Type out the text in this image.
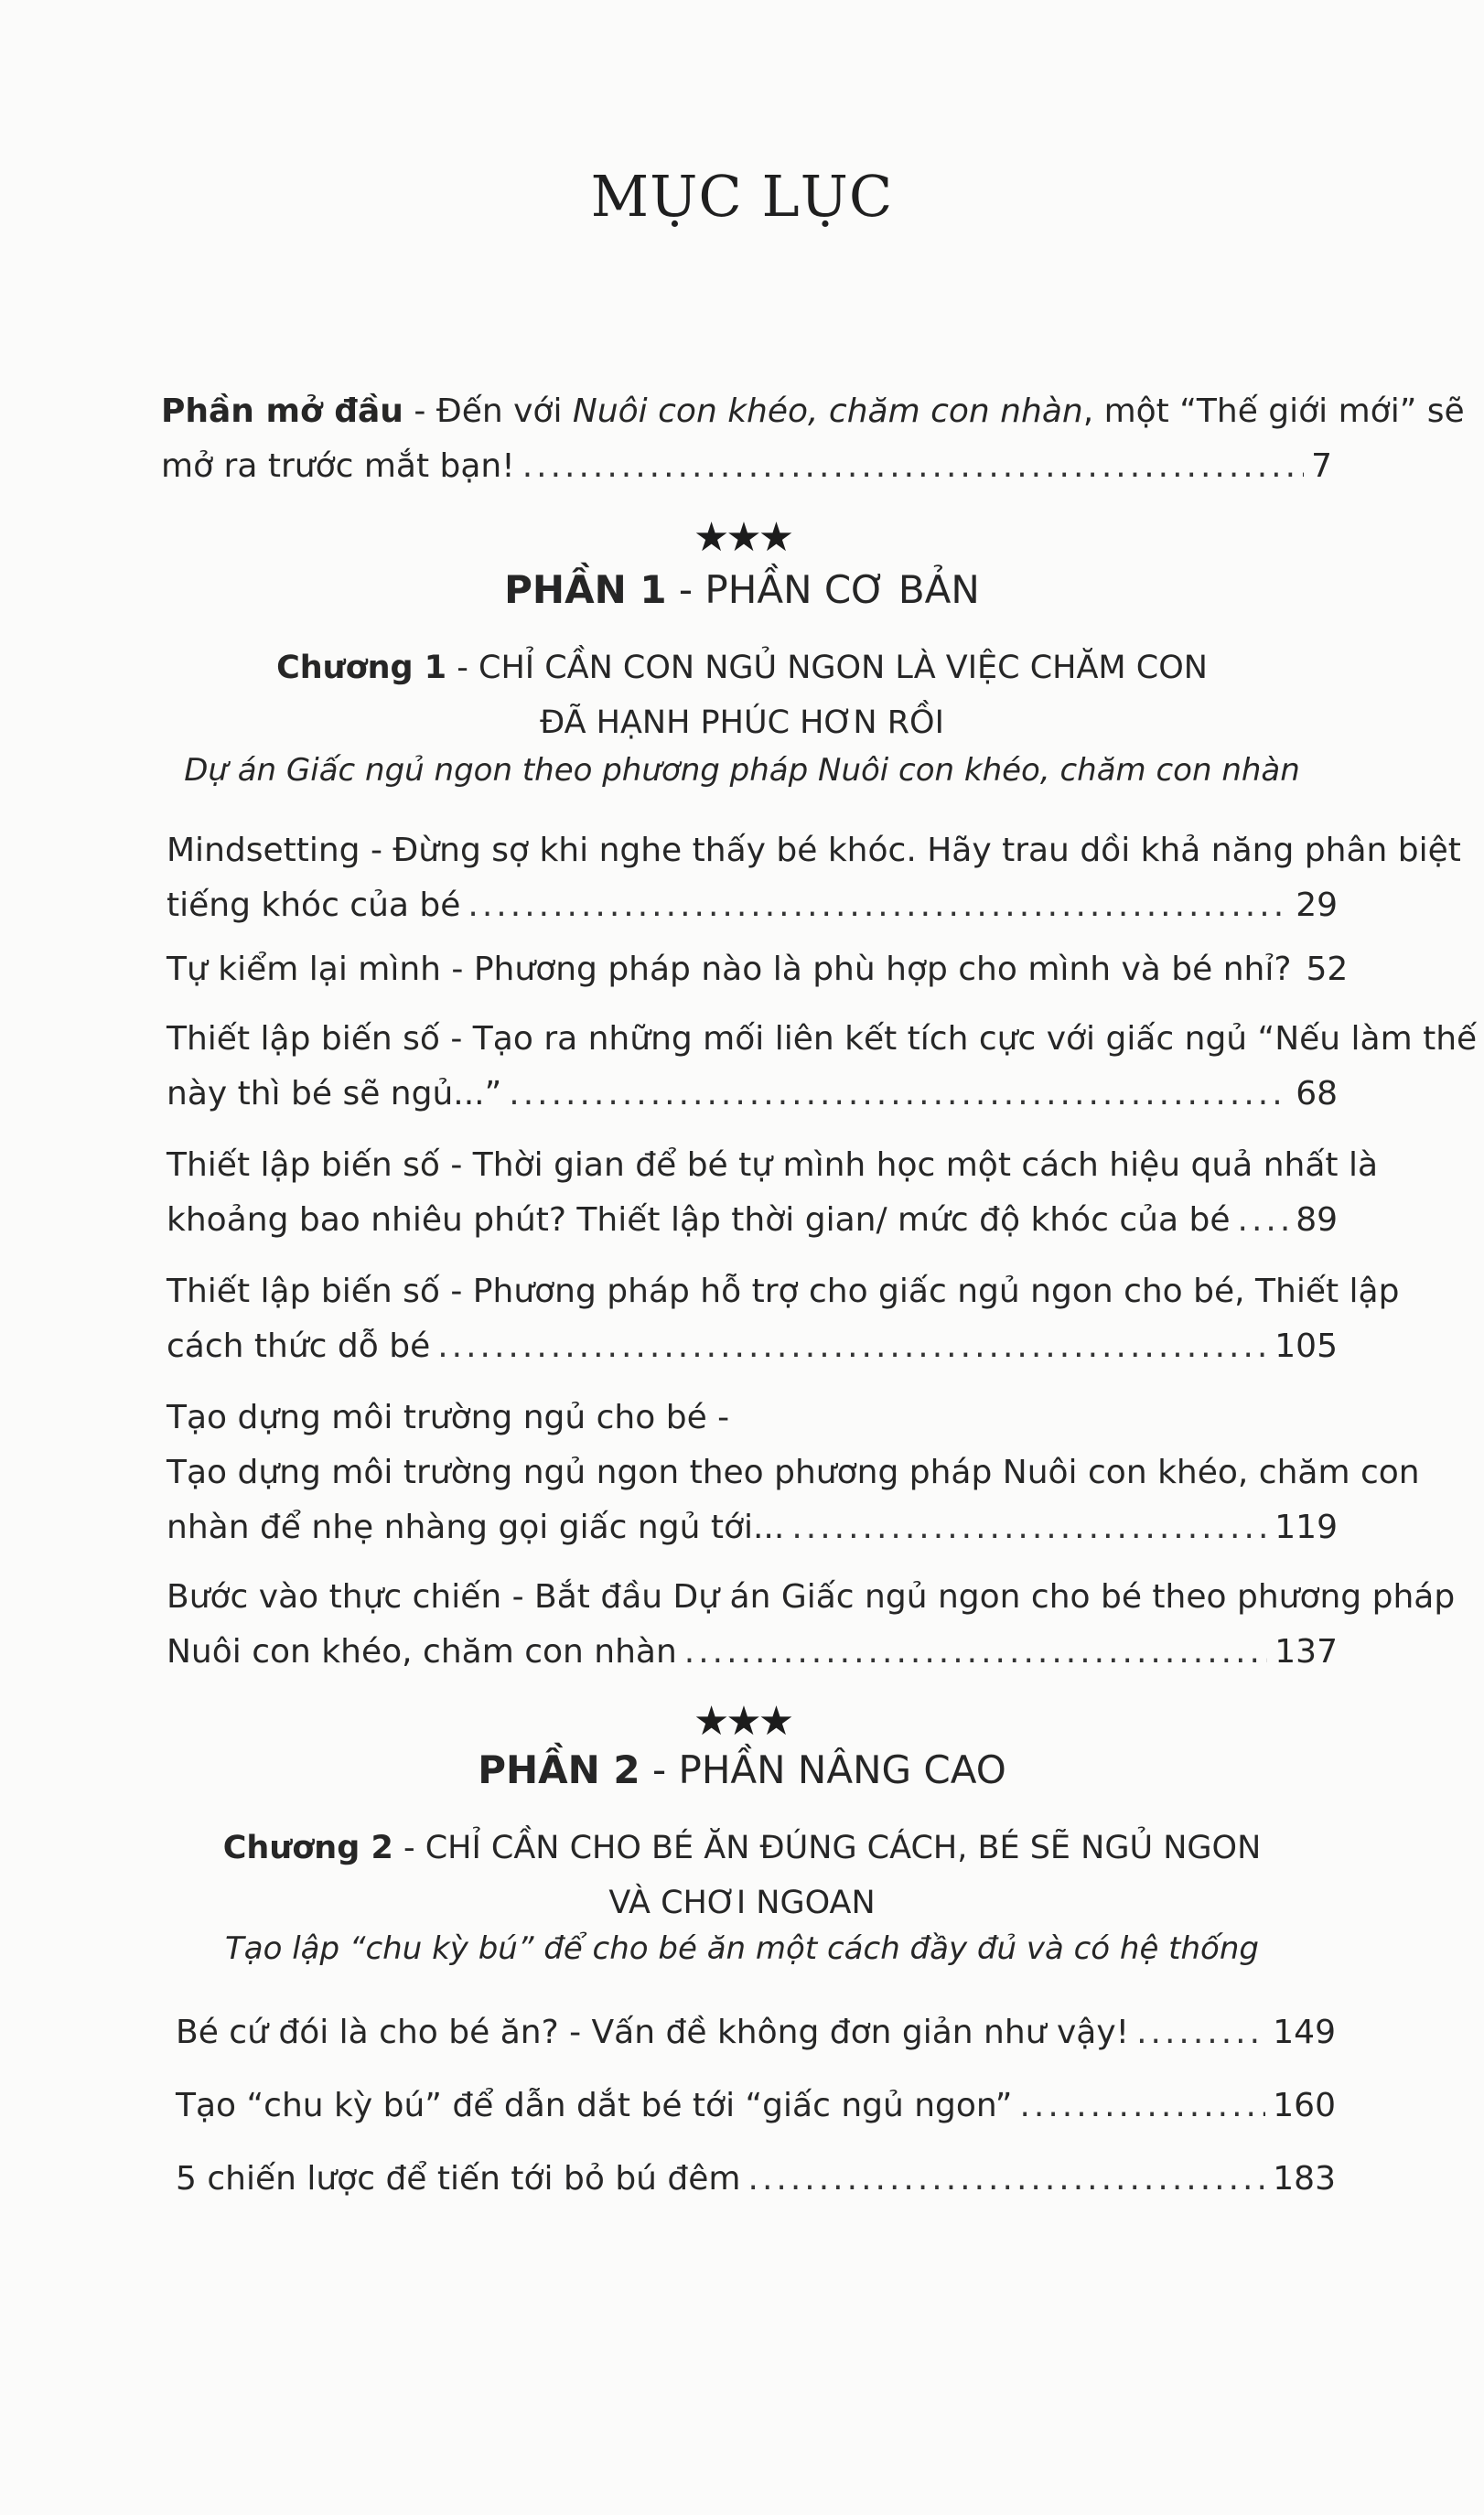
MỤC LỤC
Phần mở đầu - Đến với Nuôi con khéo, chăm con nhàn, một “Thế giới mới” sẽ
mở ra trước mắt bạn! .....	7
★★★
PHẦN 1 - PHẦN CƠ BẢN
Chương 1 - CHỈ CẦN CON NGỦ NGON LÀ VIỆC CHĂM CON
ĐÃ HẠNH PHÚC HƠN RỒI
Dự án Giấc ngủ ngon theo phương pháp Nuôi con khéo, chăm con nhàn
Mindsetting - Đừng sợ khi nghe thấy bé khóc. Hãy trau dồi khả năng phân biệt
tiếng khóc của bé .....	29
Tự kiểm lại mình - Phương pháp nào là phù hợp cho mình và bé nhỉ? 52
Thiết lập biến số - Tạo ra những mối liên kết tích cực với giấc ngủ “Nếu làm thế
này thì bé sẽ ngủ...” .....	68
Thiết lập biến số - Thời gian để bé tự mình học một cách hiệu quả nhất là
khoảng bao nhiêu phút? Thiết lập thời gian/ mức độ khóc của bé ..... 89
Thiết lập biến số - Phương pháp hỗ trợ cho giấc ngủ ngon cho bé, Thiết lập
cách thức dỗ bé .....	105
Tạo dựng môi trường ngủ cho bé -
Tạo dựng môi trường ngủ ngon theo phương pháp Nuôi con khéo, chăm con
nhàn để nhẹ nhàng gọi giấc ngủ tới... .....	119
Bước vào thực chiến - Bắt đầu Dự án Giấc ngủ ngon cho bé theo phương pháp
Nuôi con khéo, chăm con nhàn .....	137
★★★
PHẦN 2 - PHẦN NÂNG CAO
Chương 2 - CHỈ CẦN CHO BÉ ĂN ĐÚNG CÁCH, BÉ SẼ NGỦ NGON
VÀ CHƠI NGOAN
Tạo lập “chu kỳ bú” để cho bé ăn một cách đầy đủ và có hệ thống
Bé cứ đói là cho bé ăn? - Vấn đề không đơn giản như vậy! .....	149
Tạo “chu kỳ bú” để dẫn dắt bé tới “giấc ngủ ngon” .....	160
5 chiến lược để tiến tới bỏ bú đêm .....	183
